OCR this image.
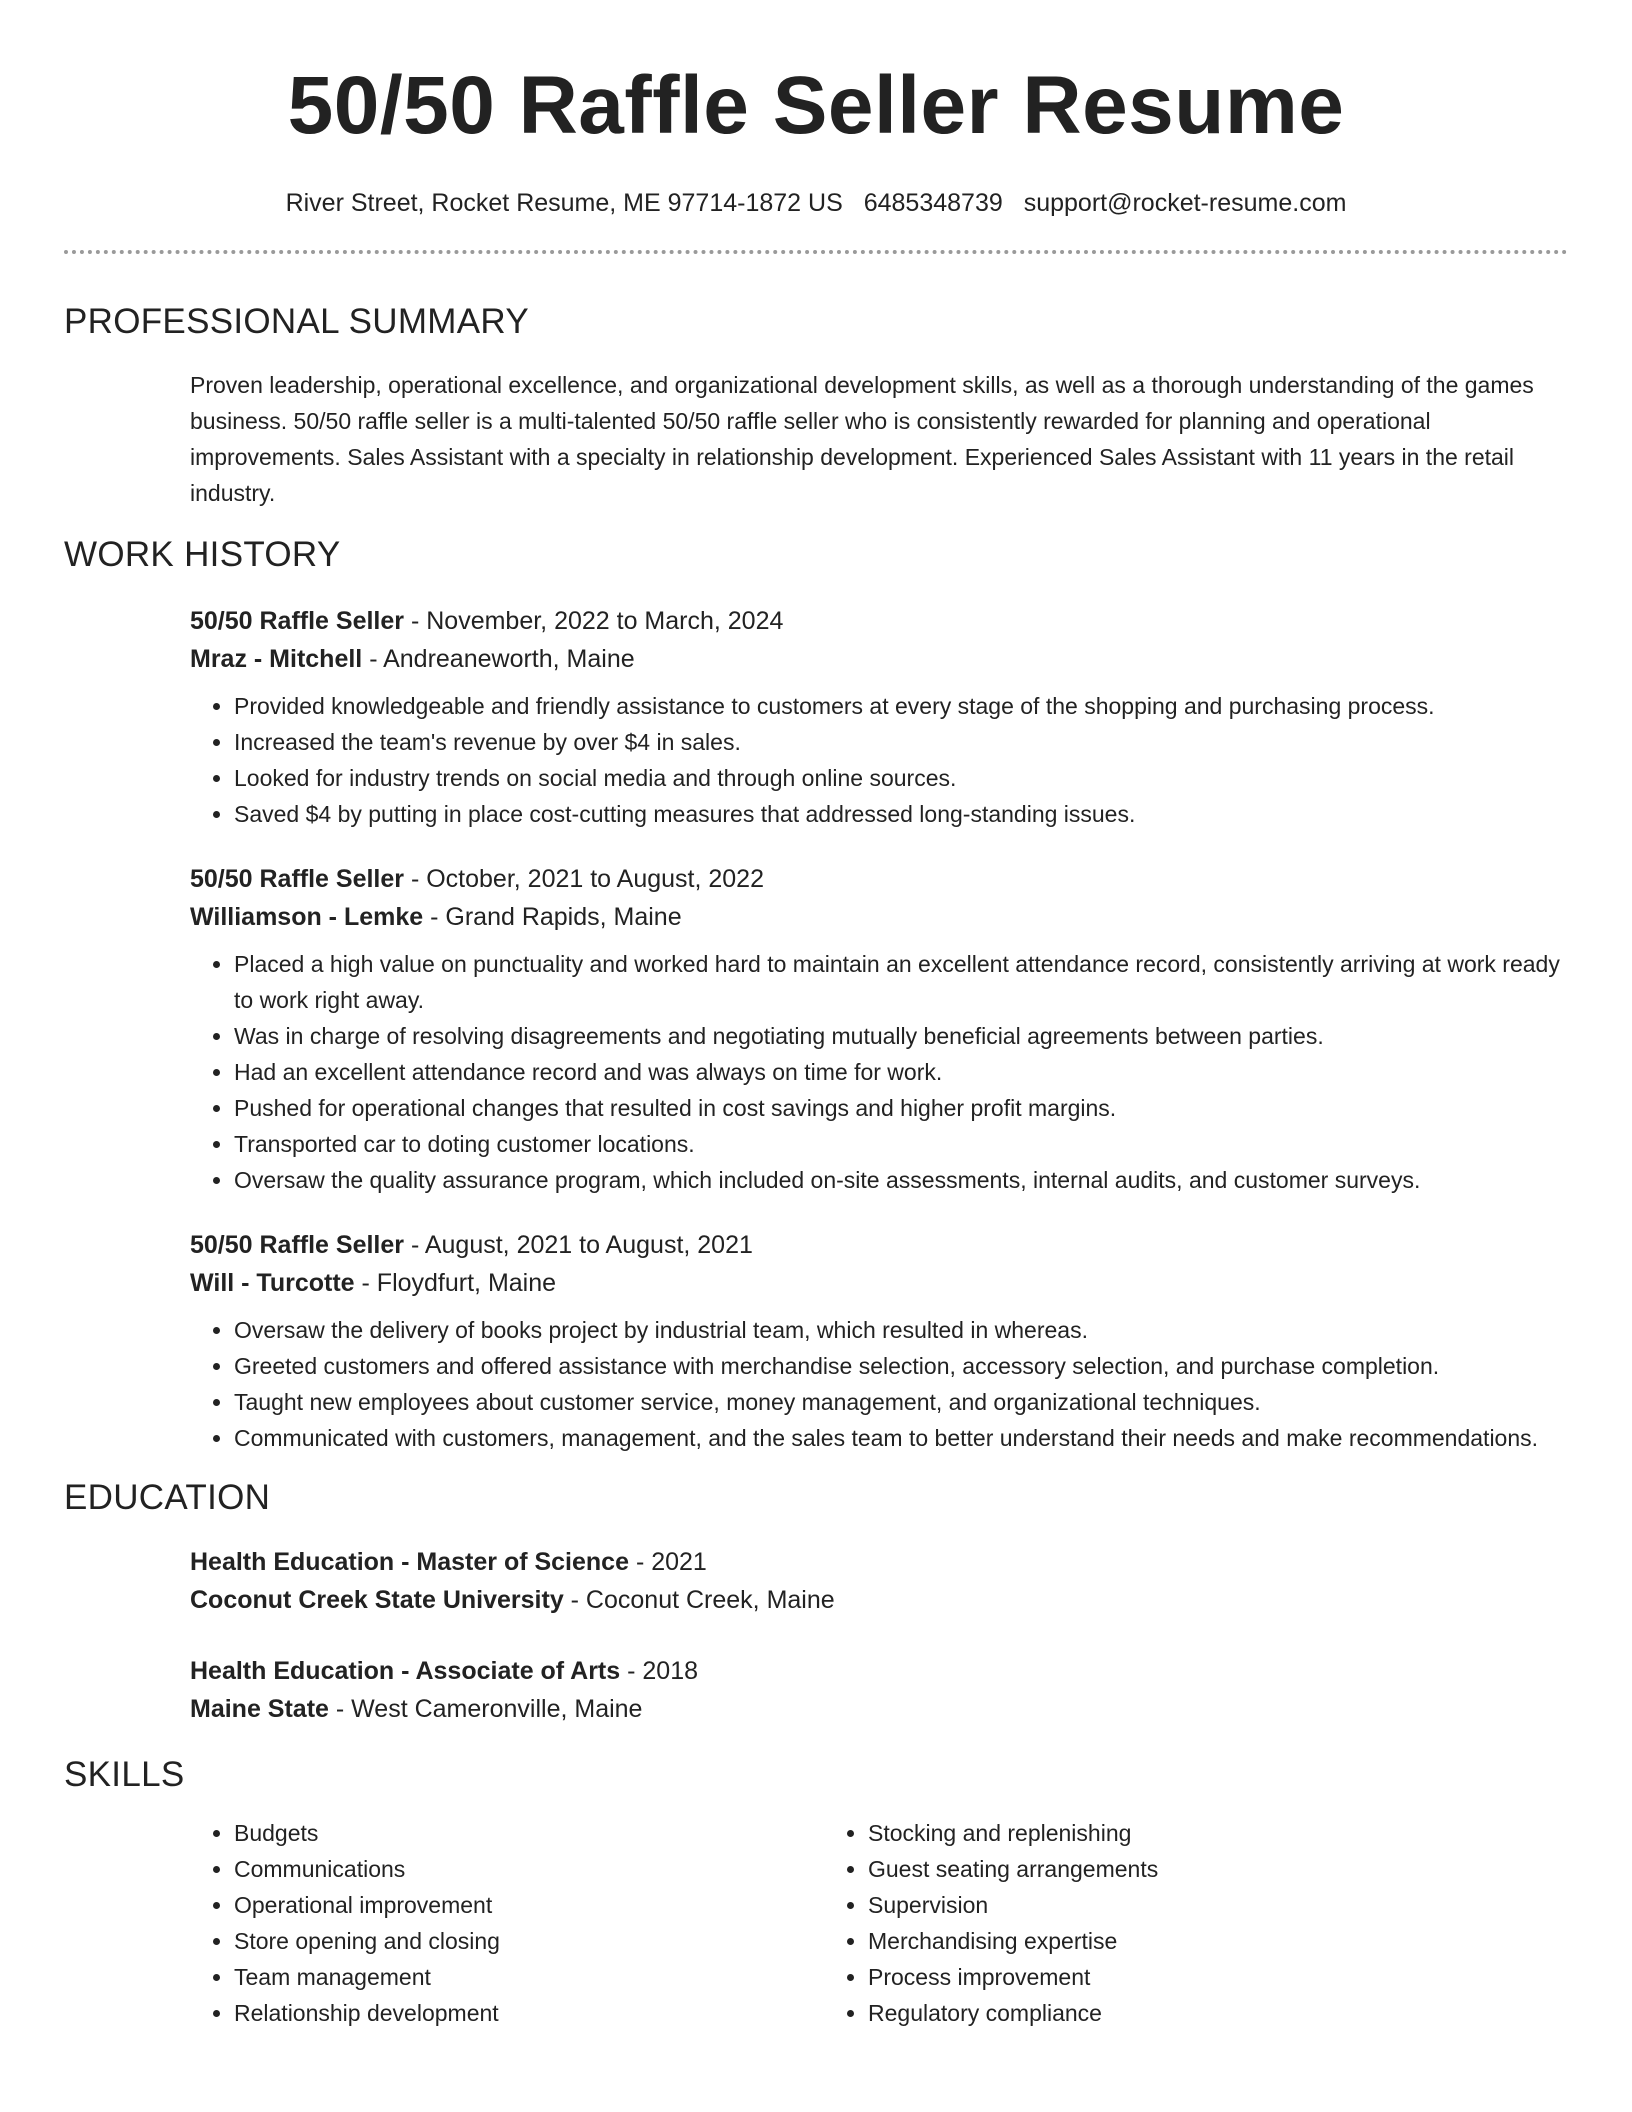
50/50 Raffle Seller Resume
River Street, Rocket Resume, ME 97714-1872 US 6485348739 support@rocket-resume.com
PROFESSIONAL SUMMARY

Proven leadership, operational excellence, and organizational development skills, as well as a thorough understanding of the games business. 50/50 raffle seller is a multi-talented 50/50 raffle seller who is consistently rewarded for planning and operational improvements. Sales Assistant with a specialty in relationship development. Experienced Sales Assistant with 11 years in the retail industry.

WORK HISTORY
50/50 Raffle Seller - November, 2022 to March, 2024
Mraz - Mitchell - Andreaneworth, Maine
• Provided knowledgeable and friendly assistance to customers at every stage of the shopping and purchasing process.
• Increased the team's revenue by over $4 in sales.
• Looked for industry trends on social media and through online sources.
• Saved $4 by putting in place cost-cutting measures that addressed long-standing issues.
50/50 Raffle Seller - October, 2021 to August, 2022
Williamson - Lemke - Grand Rapids, Maine
• Placed a high value on punctuality and worked hard to maintain an excellent attendance record, consistently arriving at work ready to work right away.
• Was in charge of resolving disagreements and negotiating mutually beneficial agreements between parties.
• Had an excellent attendance record and was always on time for work.
• Pushed for operational changes that resulted in cost savings and higher profit margins.
• Transported car to doting customer locations.
• Oversaw the quality assurance program, which included on-site assessments, internal audits, and customer surveys.
50/50 Raffle Seller - August, 2021 to August, 2021
Will - Turcotte - Floydfurt, Maine
• Oversaw the delivery of books project by industrial team, which resulted in whereas.
• Greeted customers and offered assistance with merchandise selection, accessory selection, and purchase completion.
• Taught new employees about customer service, money management, and organizational techniques.
• Communicated with customers, management, and the sales team to better understand their needs and make recommendations.
EDUCATION
Health Education - Master of Science - 2021
Coconut Creek State University - Coconut Creek, Maine
Health Education - Associate of Arts - 2018
Maine State - West Cameronville, Maine
SKILLS
• Budgets
• Communications
• Operational improvement
• Store opening and closing
• Team management
• Relationship development
• Stocking and replenishing
• Guest seating arrangements
• Supervision
• Merchandising expertise
• Process improvement
• Regulatory compliance
